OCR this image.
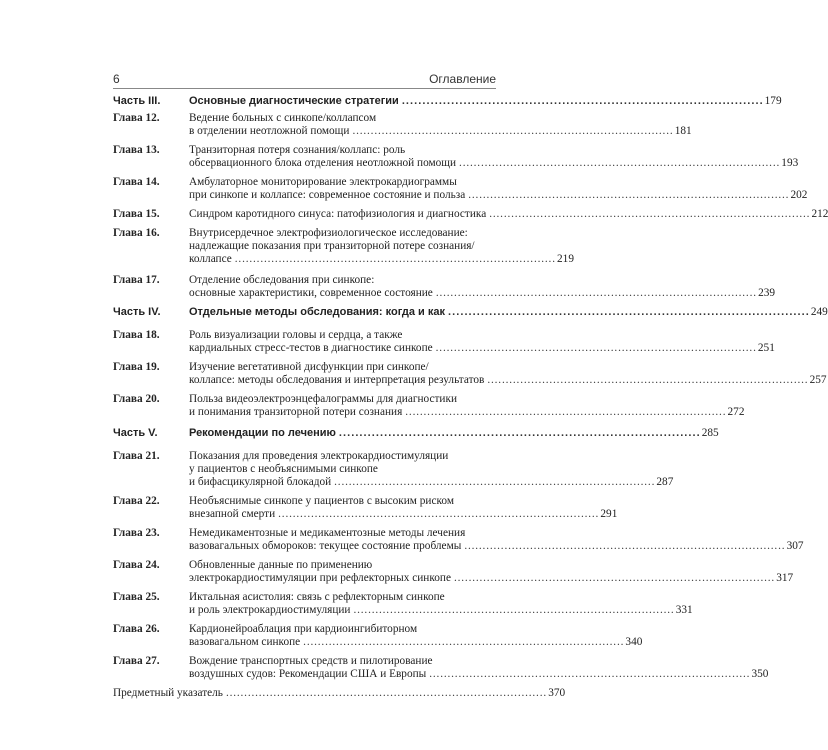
6	Оглавление
Часть III.	Основные диагностические стратегии . . .	179
Глава 12.	Ведение больных с синкопе/коллапсом
в отделении неотложной помощи . . .	181
Глава 13.	Транзиторная потеря сознания/коллапс: роль
обсервационного блока отделения неотложной помощи . . .	193
Глава 14.	Амбулаторное мониторирование электрокардиограммы
при синкопе и коллапсе: современное состояние и польза . . .	202
Глава 15.	Синдром каротидного синуса: патофизиология и диагностика . . .	212
Глава 16.	Внутрисердечное электрофизиологическое исследование:
надлежащие показания при транзиторной потере сознания/
коллапсе . . .	219
Глава 17.	Отделение обследования при синкопе:
основные характеристики, современное состояние . . .	239
Часть IV.	Отдельные методы обследования: когда и как . . .	249
Глава 18.	Роль визуализации головы и сердца, а также
кардиальных стресс-тестов в диагностике синкопе . . .	251
Глава 19.	Изучение вегетативной дисфункции при синкопе/
коллапсе: методы обследования и интерпретация результатов . . .	257
Глава 20.	Польза видеоэлектроэнцефалограммы для диагностики
и понимания транзиторной потери сознания . . .	272
Часть V.	Рекомендации по лечению . . .	285
Глава 21.	Показания для проведения электрокардиостимуляции
у пациентов с необъяснимыми синкопе
и бифасцикулярной блокадой . . .	287
Глава 22.	Необъяснимые синкопе у пациентов с высоким риском
внезапной смерти . . .	291
Глава 23.	Немедикаментозные и медикаментозные методы лечения
вазовагальных обмороков: текущее состояние проблемы . . .	307
Глава 24.	Обновленные данные по применению
электрокардиостимуляции при рефлекторных синкопе . . .	317
Глава 25.	Иктальная асистолия: связь с рефлекторным синкопе
и роль электрокардиостимуляции . . .	331
Глава 26.	Кардионейроаблация при кардиоингибиторном
вазовагальном синкопе . . .	340
Глава 27.	Вождение транспортных средств и пилотирование
воздушных судов: Рекомендации США и Европы . . .	350
Предметный указатель . . .	370
